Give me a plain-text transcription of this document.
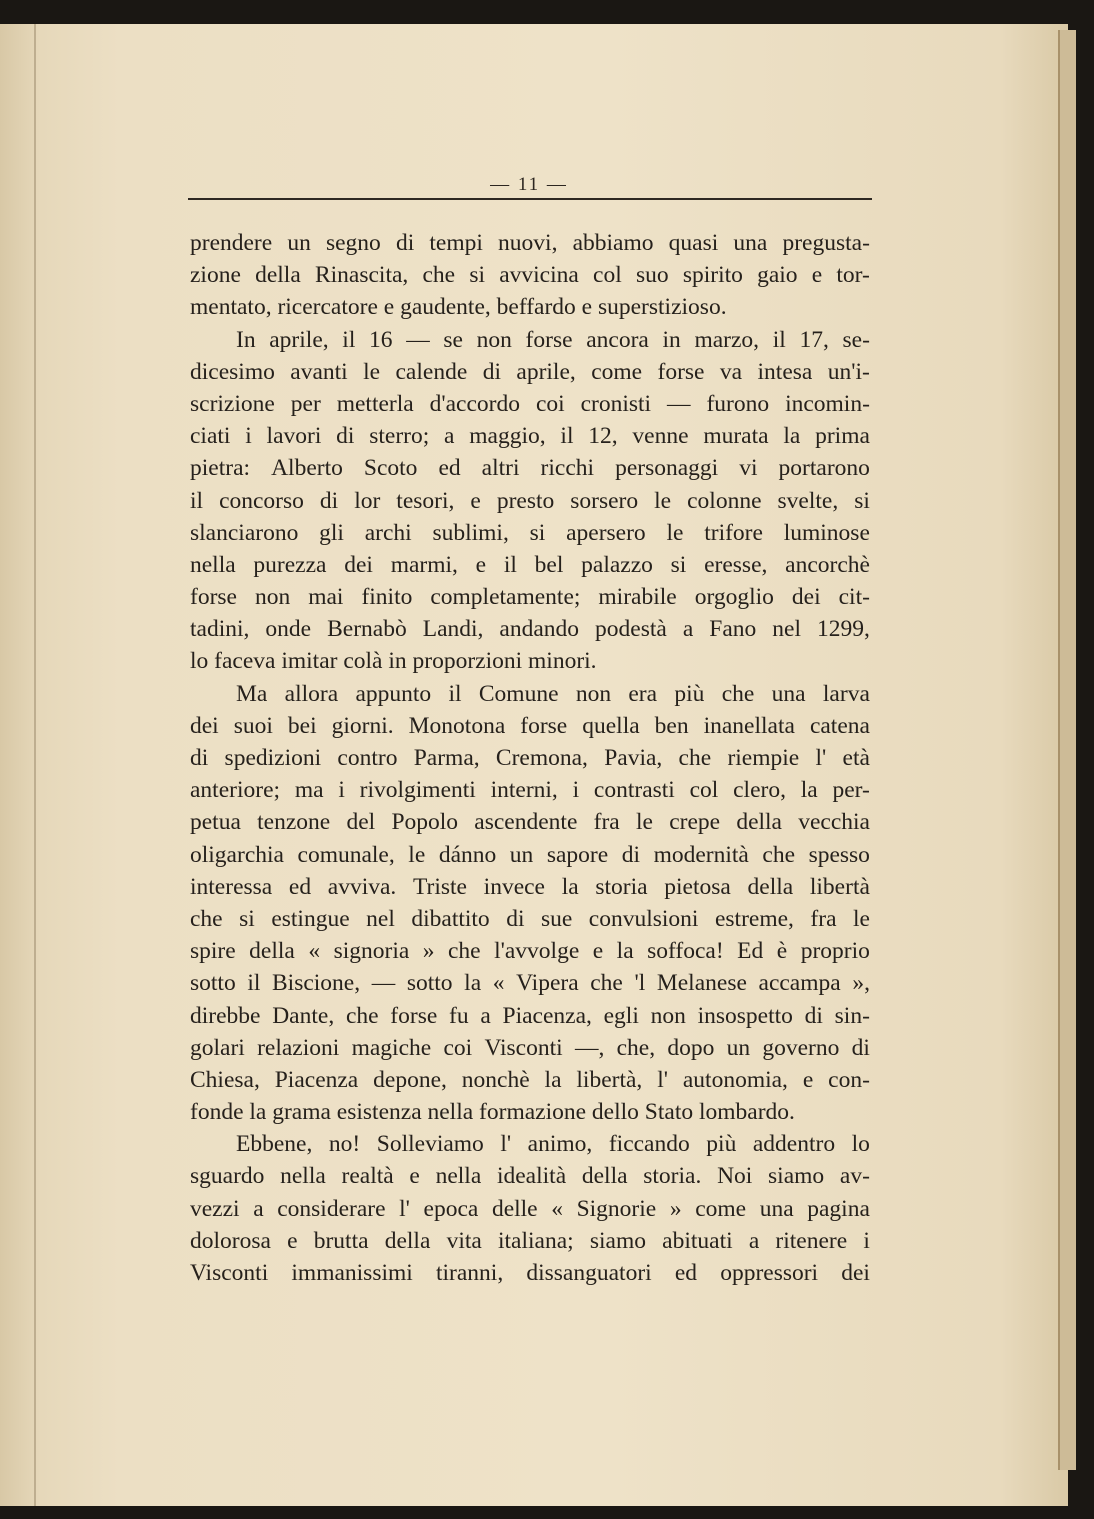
— 11 —
prendere un segno di tempi nuovi, abbiamo quasi una pregusta-
zione della Rinascita, che si avvicina col suo spirito gaio e tor-
mentato, ricercatore e gaudente, beffardo e superstizioso.
In aprile, il 16 — se non forse ancora in marzo, il 17, se-
dicesimo avanti le calende di aprile, come forse va intesa un'i-
scrizione per metterla d'accordo coi cronisti — furono incomin-
ciati i lavori di sterro; a maggio, il 12, venne murata la prima
pietra: Alberto Scoto ed altri ricchi personaggi vi portarono
il concorso di lor tesori, e presto sorsero le colonne svelte, si
slanciarono gli archi sublimi, si apersero le trifore luminose
nella purezza dei marmi, e il bel palazzo si eresse, ancorchè
forse non mai finito completamente; mirabile orgoglio dei cit-
tadini, onde Bernabò Landi, andando podestà a Fano nel 1299,
lo faceva imitar colà in proporzioni minori.
Ma allora appunto il Comune non era più che una larva
dei suoi bei giorni. Monotona forse quella ben inanellata catena
di spedizioni contro Parma, Cremona, Pavia, che riempie l' età
anteriore; ma i rivolgimenti interni, i contrasti col clero, la per-
petua tenzone del Popolo ascendente fra le crepe della vecchia
oligarchia comunale, le dánno un sapore di modernità che spesso
interessa ed avviva. Triste invece la storia pietosa della libertà
che si estingue nel dibattito di sue convulsioni estreme, fra le
spire della « signoria » che l'avvolge e la soffoca! Ed è proprio
sotto il Biscione, — sotto la « Vipera che 'l Melanese accampa »,
direbbe Dante, che forse fu a Piacenza, egli non insospetto di sin-
golari relazioni magiche coi Visconti —, che, dopo un governo di
Chiesa, Piacenza depone, nonchè la libertà, l' autonomia, e con-
fonde la grama esistenza nella formazione dello Stato lombardo.
Ebbene, no! Solleviamo l' animo, ficcando più addentro lo
sguardo nella realtà e nella idealità della storia. Noi siamo av-
vezzi a considerare l' epoca delle « Signorie » come una pagina
dolorosa e brutta della vita italiana; siamo abituati a ritenere i
Visconti immanissimi tiranni, dissanguatori ed oppressori dei
